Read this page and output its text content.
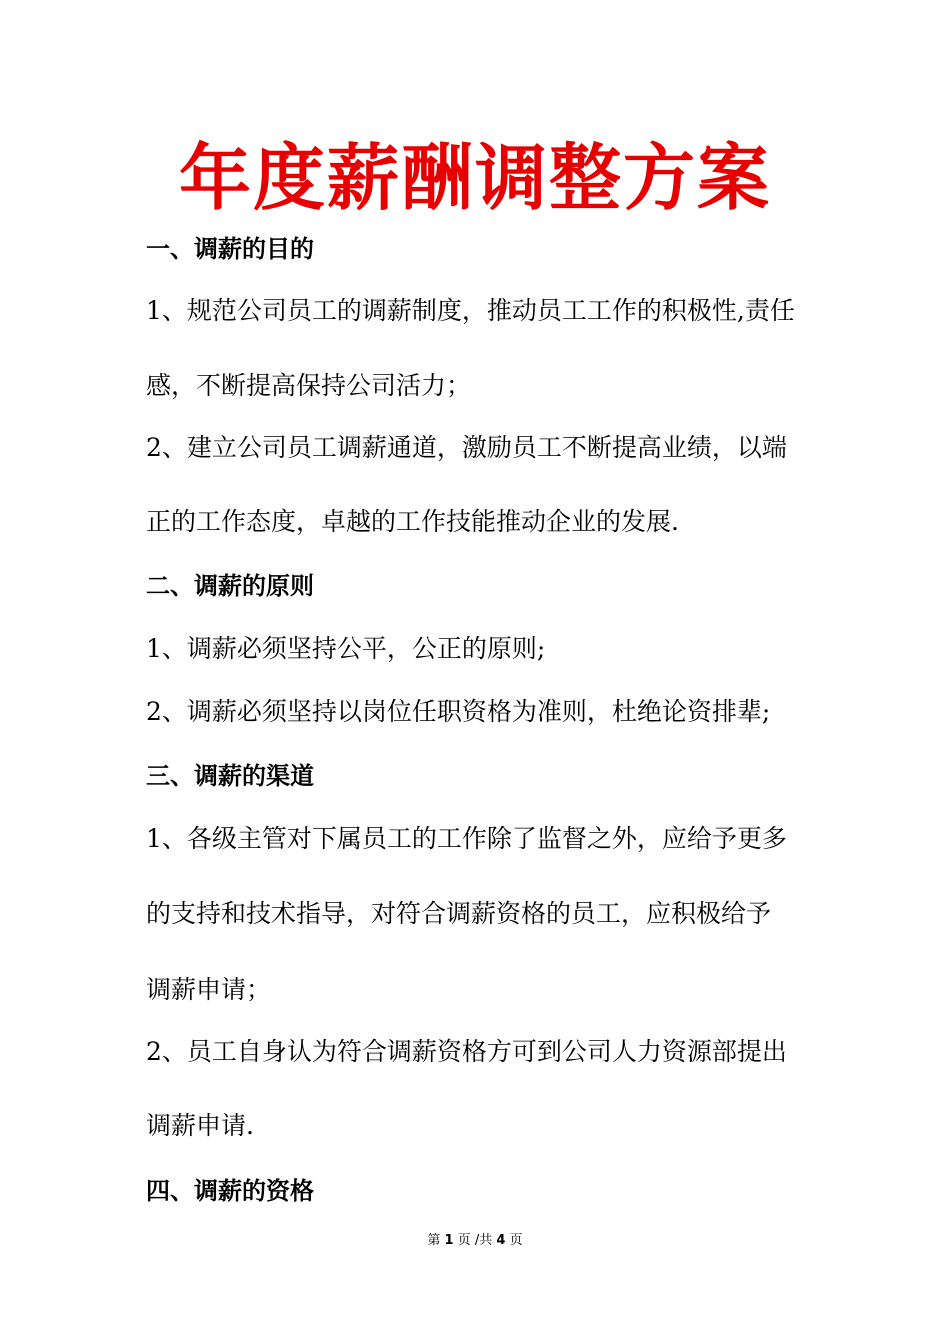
年度薪酬调整方案
一、调薪的目的
1、规范公司员工的调薪制度，推动员工工作的积极性,责任
感，不断提高保持公司活力；
2、建立公司员工调薪通道，激励员工不断提高业绩，以端
正的工作态度，卓越的工作技能推动企业的发展.
二、调薪的原则
1、调薪必须坚持公平，公正的原则;
2、调薪必须坚持以岗位任职资格为准则，杜绝论资排辈;
三、调薪的渠道
1、各级主管对下属员工的工作除了监督之外，应给予更多
的支持和技术指导，对符合调薪资格的员工，应积极给予
调薪申请；
2、员工自身认为符合调薪资格方可到公司人力资源部提出
调薪申请.
四、调薪的资格
第 1 页 /共 4 页
